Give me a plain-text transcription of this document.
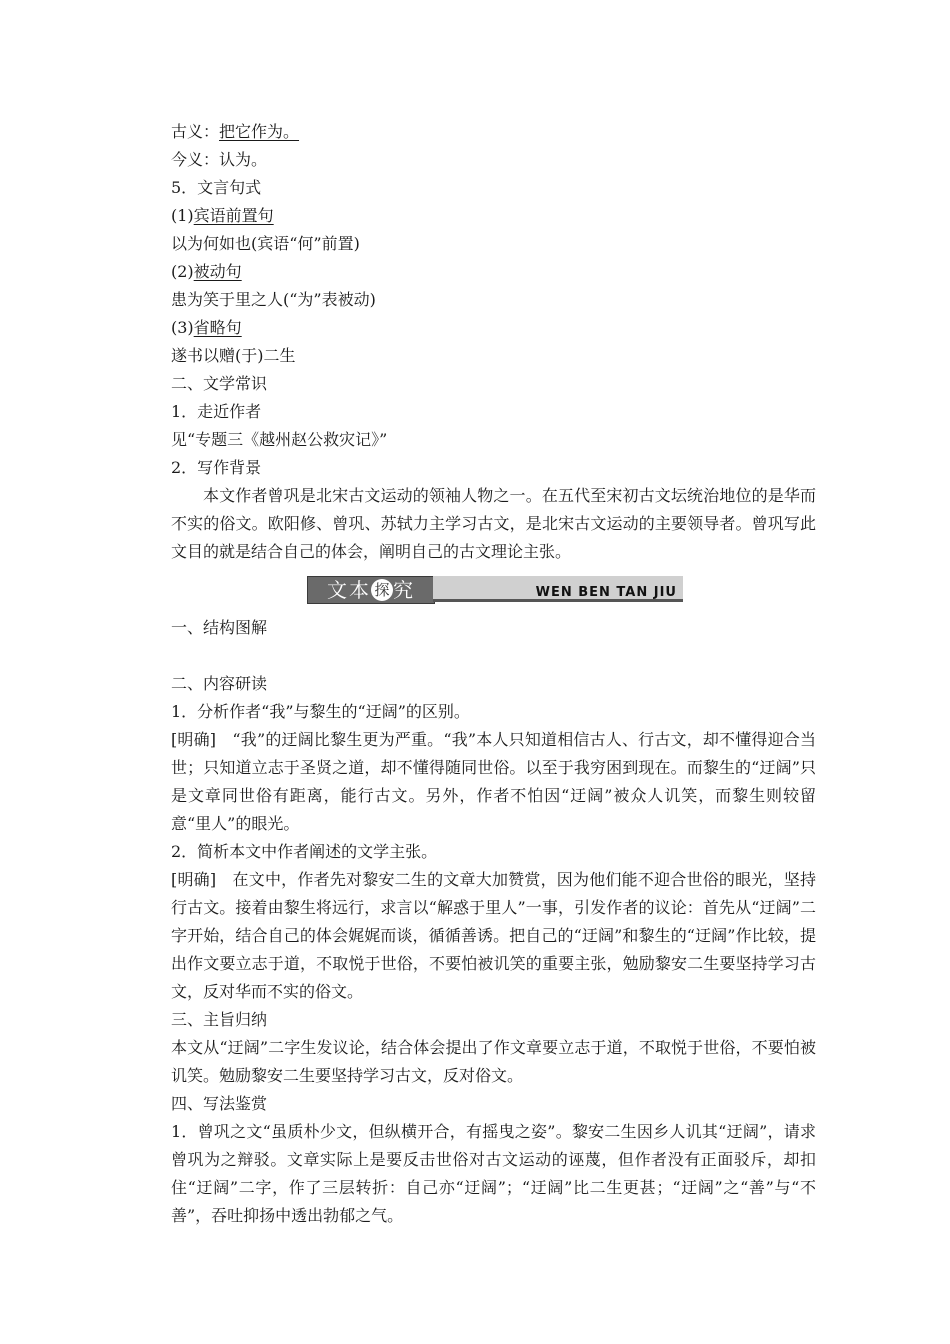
古义：把它作为。
今义：认为。
5．文言句式
(1)宾语前置句
以为何如也(宾语“何”前置)
(2)被动句
患为笑于里之人(“为”表被动)
(3)省略句
遂书以赠(于)二生
二、文学常识
1．走近作者
见“专题三《越州赵公救灾记》”
2．写作背景
本文作者曾巩是北宋古文运动的领袖人物之一。在五代至宋初古文坛统治地位的是华而不实的俗文。欧阳修、曾巩、苏轼力主学习古文，是北宋古文运动的主要领导者。曾巩写此文目的就是结合自己的体会，阐明自己的古文理论主张。
文本 探 究	WEN BEN TAN JIU
一、结构图解
二、内容研读
1．分析作者“我”与黎生的“迂阔”的区别。
[明确]　“我”的迂阔比黎生更为严重。“我”本人只知道相信古人、行古文，却不懂得迎合当世；只知道立志于圣贤之道，却不懂得随同世俗。以至于我穷困到现在。而黎生的“迂阔”只是文章同世俗有距离，能行古文。另外，作者不怕因“迂阔”被众人讥笑，而黎生则较留意“里人”的眼光。
2．简析本文中作者阐述的文学主张。
[明确]　在文中，作者先对黎安二生的文章大加赞赏，因为他们能不迎合世俗的眼光，坚持行古文。接着由黎生将远行，求言以“解惑于里人”一事，引发作者的议论：首先从“迂阔”二字开始，结合自己的体会娓娓而谈，循循善诱。把自己的“迂阔”和黎生的“迂阔”作比较，提出作文要立志于道，不取悦于世俗，不要怕被讥笑的重要主张，勉励黎安二生要坚持学习古文，反对华而不实的俗文。
三、主旨归纳
本文从“迂阔”二字生发议论，结合体会提出了作文章要立志于道，不取悦于世俗，不要怕被讥笑。勉励黎安二生要坚持学习古文，反对俗文。
四、写法鉴赏
1．曾巩之文“虽质朴少文，但纵横开合，有摇曳之姿”。黎安二生因乡人讥其“迂阔”，请求曾巩为之辩驳。文章实际上是要反击世俗对古文运动的诬蔑，但作者没有正面驳斥，却扣住“迂阔”二字，作了三层转折：自己亦“迂阔”；“迂阔”比二生更甚；“迂阔”之“善”与“不善”，吞吐抑扬中透出勃郁之气。
